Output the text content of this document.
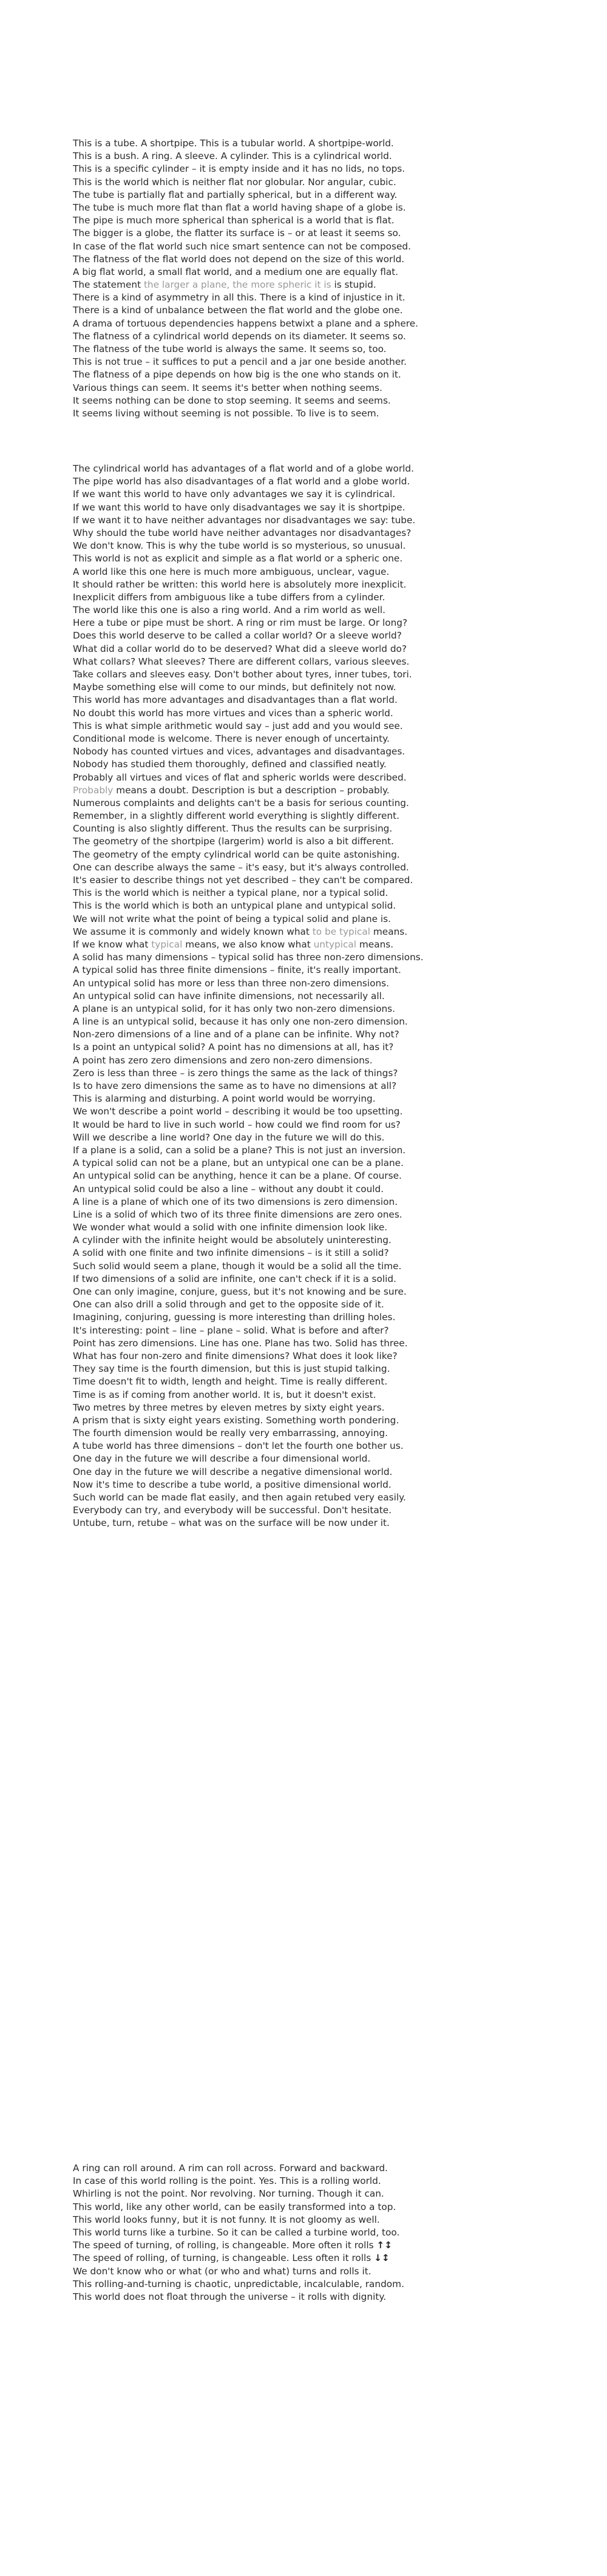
This is a tube. A shortpipe. This is a tubular world. A shortpipe-world.
This is a bush. A ring. A sleeve. A cylinder. This is a cylindrical world.
This is a specific cylinder – it is empty inside and it has no lids, no tops.
This is the world which is neither flat nor globular. Nor angular, cubic.
The tube is partially flat and partially spherical, but in a different way.
The tube is much more flat than flat a world having shape of a globe is.
The pipe is much more spherical than spherical is a world that is flat.
The bigger is a globe, the flatter its surface is – or at least it seems so.
In case of the flat world such nice smart sentence can not be composed.
The flatness of the flat world does not depend on the size of this world.
A big flat world, a small flat world, and a medium one are equally flat.
The statement the larger a plane, the more spheric it is is stupid.
There is a kind of asymmetry in all this. There is a kind of injustice in it.
There is a kind of unbalance between the flat world and the globe one.
A drama of tortuous dependencies happens betwixt a plane and a sphere.
The flatness of a cylindrical world depends on its diameter. It seems so.
The flatness of the tube world is always the same. It seems so, too.
This is not true – it suffices to put a pencil and a jar one beside another.
The flatness of a pipe depends on how big is the one who stands on it.
Various things can seem. It seems it's better when nothing seems.
It seems nothing can be done to stop seeming. It seems and seems.
It seems living without seeming is not possible. To live is to seem.
The cylindrical world has advantages of a flat world and of a globe world.
The pipe world has also disadvantages of a flat world and a globe world.
If we want this world to have only advantages we say it is cylindrical.
If we want this world to have only disadvantages we say it is shortpipe.
If we want it to have neither advantages nor disadvantages we say: tube.
Why should the tube world have neither advantages nor disadvantages?
We don't know. This is why the tube world is so mysterious, so unusual.
This world is not as explicit and simple as a flat world or a spheric one.
A world like this one here is much more ambiguous, unclear, vague.
It should rather be written: this world here is absolutely more inexplicit.
Inexplicit differs from ambiguous like a tube differs from a cylinder.
The world like this one is also a ring world. And a rim world as well.
Here a tube or pipe must be short. A ring or rim must be large. Or long?
Does this world deserve to be called a collar world? Or a sleeve world?
What did a collar world do to be deserved? What did a sleeve world do?
What collars? What sleeves? There are different collars, various sleeves.
Take collars and sleeves easy. Don't bother about tyres, inner tubes, tori.
Maybe something else will come to our minds, but definitely not now.
This world has more advantages and disadvantages than a flat world.
No doubt this world has more virtues and vices than a spheric world.
This is what simple arithmetic would say – just add and you would see.
Conditional mode is welcome. There is never enough of uncertainty.
Nobody has counted virtues and vices, advantages and disadvantages.
Nobody has studied them thoroughly, defined and classified neatly.
Probably all virtues and vices of flat and spheric worlds were described.
Probably means a doubt. Description is but a description – probably.
Numerous complaints and delights can't be a basis for serious counting.
Remember, in a slightly different world everything is slightly different.
Counting is also slightly different. Thus the results can be surprising.
The geometry of the shortpipe (largerim) world is also a bit different.
The geometry of the empty cylindrical world can be quite astonishing.
One can describe always the same – it's easy, but it's always controlled.
It's easier to describe things not yet described – they can't be compared.
This is the world which is neither a typical plane, nor a typical solid.
This is the world which is both an untypical plane and untypical solid.
We will not write what the point of being a typical solid and plane is.
We assume it is commonly and widely known what to be typical means.
If we know what typical means, we also know what untypical means.
A solid has many dimensions – typical solid has three non-zero dimensions.
A typical solid has three finite dimensions – finite, it's really important.
An untypical solid has more or less than three non-zero dimensions.
An untypical solid can have infinite dimensions, not necessarily all.
A plane is an untypical solid, for it has only two non-zero dimensions.
A line is an untypical solid, because it has only one non-zero dimension.
Non-zero dimensions of a line and of a plane can be infinite. Why not?
Is a point an untypical solid? A point has no dimensions at all, has it?
A point has zero zero dimensions and zero non-zero dimensions.
Zero is less than three – is zero things the same as the lack of things?
Is to have zero dimensions the same as to have no dimensions at all?
This is alarming and disturbing. A point world would be worrying.
We won't describe a point world – describing it would be too upsetting.
It would be hard to live in such world – how could we find room for us?
Will we describe a line world? One day in the future we will do this.
If a plane is a solid, can a solid be a plane? This is not just an inversion.
A typical solid can not be a plane, but an untypical one can be a plane.
An untypical solid can be anything, hence it can be a plane. Of course.
An untypical solid could be also a line – without any doubt it could.
A line is a plane of which one of its two dimensions is zero dimension.
Line is a solid of which two of its three finite dimensions are zero ones.
We wonder what would a solid with one infinite dimension look like.
A cylinder with the infinite height would be absolutely uninteresting.
A solid with one finite and two infinite dimensions – is it still a solid?
Such solid would seem a plane, though it would be a solid all the time.
If two dimensions of a solid are infinite, one can't check if it is a solid.
One can only imagine, conjure, guess, but it's not knowing and be sure.
One can also drill a solid through and get to the opposite side of it.
Imagining, conjuring, guessing is more interesting than drilling holes.
It's interesting: point – line – plane – solid. What is before and after?
Point has zero dimensions. Line has one. Plane has two. Solid has three.
What has four non-zero and finite dimensions? What does it look like?
They say time is the fourth dimension, but this is just stupid talking.
Time doesn't fit to width, length and height. Time is really different.
Time is as if coming from another world. It is, but it doesn't exist.
Two metres by three metres by eleven metres by sixty eight years.
A prism that is sixty eight years existing. Something worth pondering.
The fourth dimension would be really very embarrassing, annoying.
A tube world has three dimensions – don't let the fourth one bother us.
One day in the future we will describe a four dimensional world.
One day in the future we will describe a negative dimensional world.
Now it's time to describe a tube world, a positive dimensional world.
Such world can be made flat easily, and then again retubed very easily.
Everybody can try, and everybody will be successful. Don't hesitate.
Untube, turn, retube – what was on the surface will be now under it.
A ring can roll around. A rim can roll across. Forward and backward.
In case of this world rolling is the point. Yes. This is a rolling world.
Whirling is not the point. Nor revolving. Nor turning. Though it can.
This world, like any other world, can be easily transformed into a top.
This world looks funny, but it is not funny. It is not gloomy as well.
This world turns like a turbine. So it can be called a turbine world, too.
The speed of turning, of rolling, is changeable. More often it rolls ↑↕
The speed of rolling, of turning, is changeable. Less often it rolls ↓↕
We don't know who or what (or who and what) turns and rolls it.
This rolling-and-turning is chaotic, unpredictable, incalculable, random.
This world does not float through the universe – it rolls with dignity.
